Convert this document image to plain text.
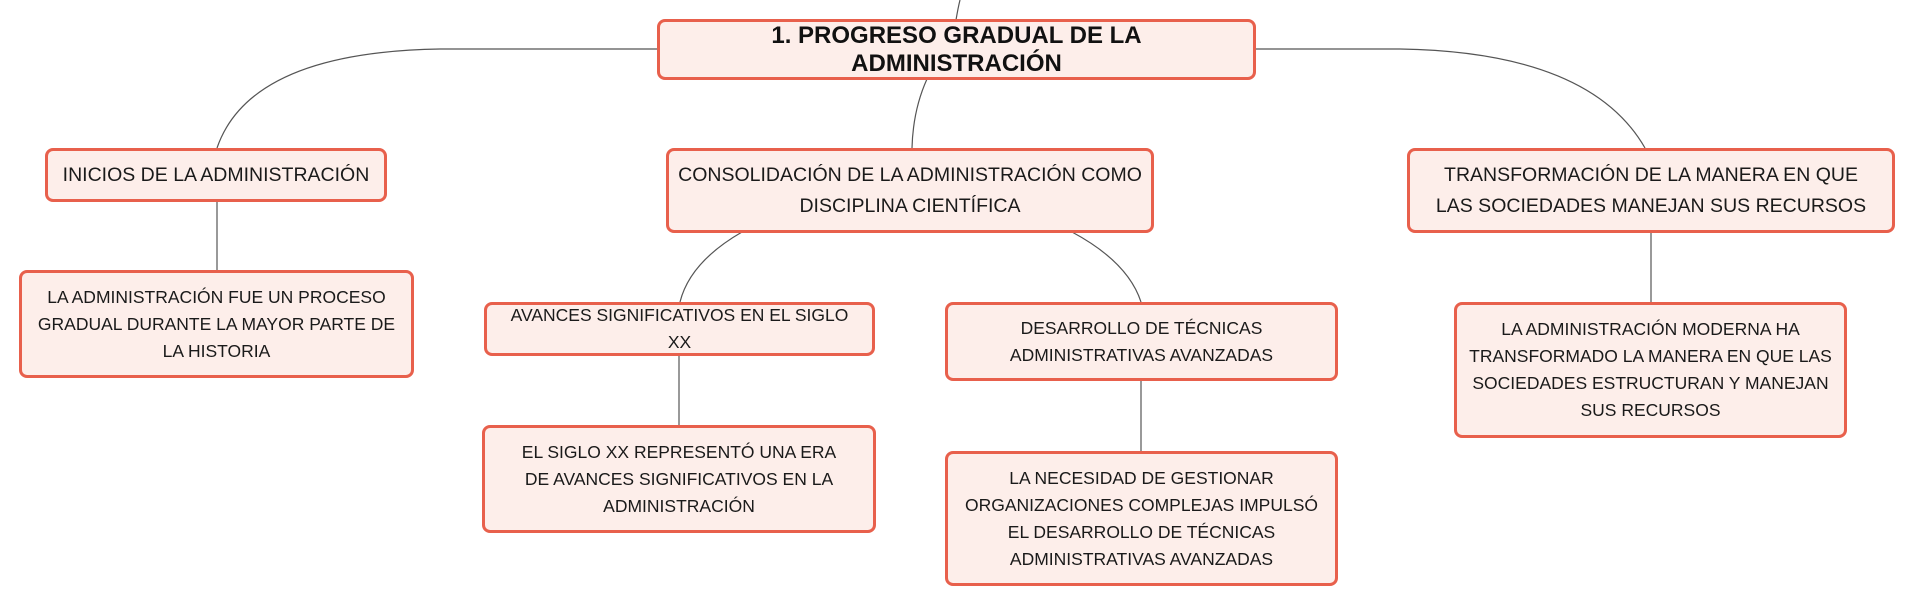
1. PROGRESO GRADUAL DE LA ADMINISTRACIÓN
INICIOS DE LA ADMINISTRACIÓN	CONSOLIDACIÓN DE LA ADMINISTRACIÓN COMO DISCIPLINA CIENTÍFICA
TRANSFORMACIÓN DE LA MANERA EN QUE LAS SOCIEDADES MANEJAN SUS RECURSOS
LA ADMINISTRACIÓN FUE UN PROCESO GRADUAL DURANTE LA MAYOR PARTE DE LA HISTORIA
AVANCES SIGNIFICATIVOS EN EL SIGLO XX
DESARROLLO DE TÉCNICAS ADMINISTRATIVAS AVANZADAS
EL SIGLO XX REPRESENTÓ UNA ERA DE AVANCES SIGNIFICATIVOS EN LA ADMINISTRACIÓN
LA NECESIDAD DE GESTIONAR ORGANIZACIONES COMPLEJAS IMPULSÓ EL DESARROLLO DE TÉCNICAS ADMINISTRATIVAS AVANZADAS
LA ADMINISTRACIÓN MODERNA HA TRANSFORMADO LA MANERA EN QUE LAS SOCIEDADES ESTRUCTURAN Y MANEJAN SUS RECURSOS
